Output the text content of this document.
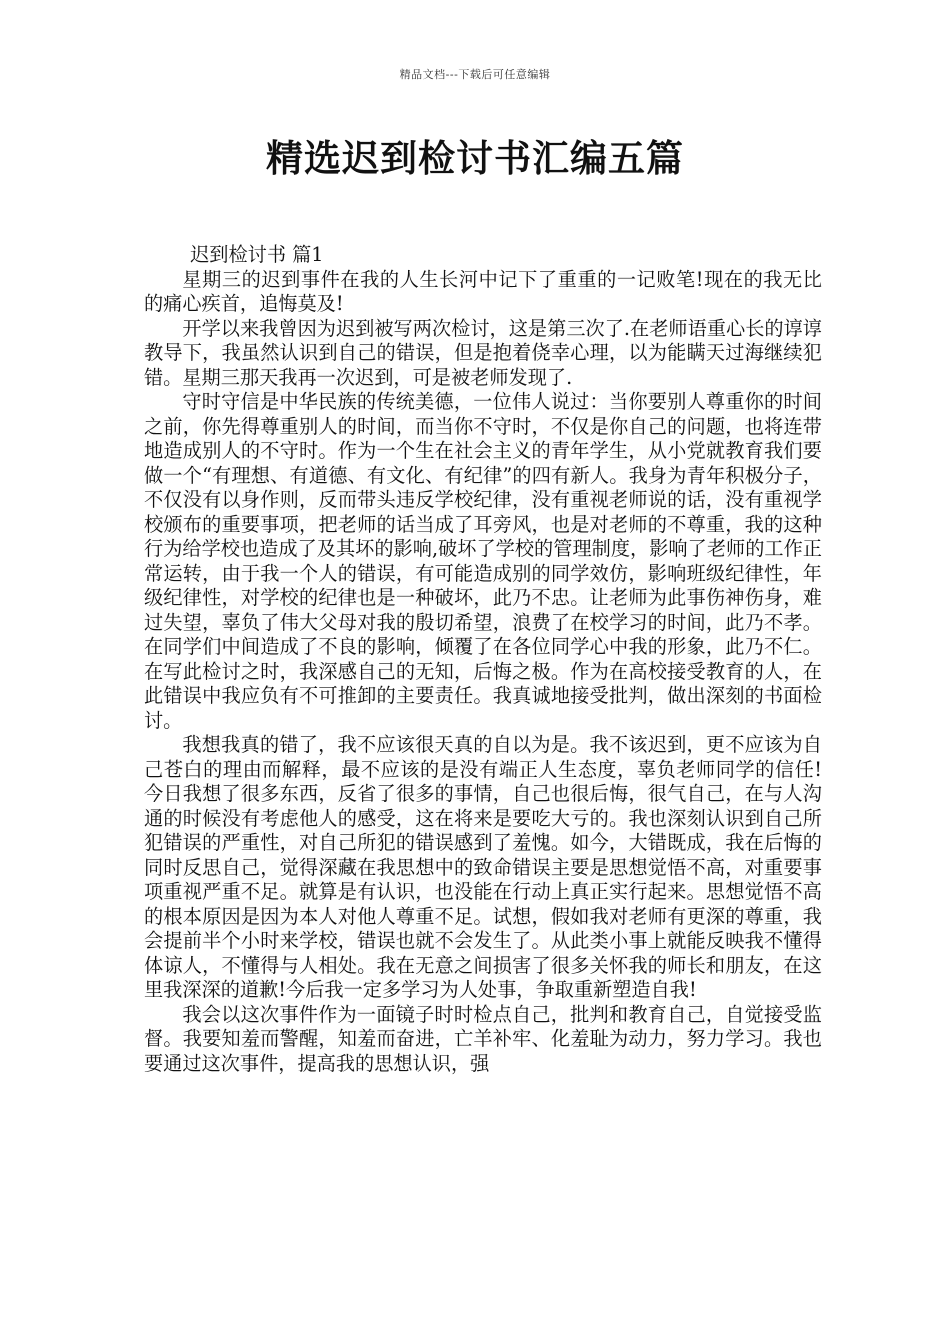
精品文档---下载后可任意编辑
精选迟到检讨书汇编五篇

迟到检讨书 篇1

星期三的迟到事件在我的人生长河中记下了重重的一记败笔!现在的我无比的痛心疾首，追悔莫及!

开学以来我曾因为迟到被写两次检讨，这是第三次了.在老师语重心长的谆谆教导下，我虽然认识到自己的错误，但是抱着侥幸心理，以为能瞒天过海继续犯错。星期三那天我再一次迟到，可是被老师发现了.

守时守信是中华民族的传统美德，一位伟人说过：当你要别人尊重你的时间之前，你先得尊重别人的时间，而当你不守时，不仅是你自己的问题，也将连带地造成别人的不守时。作为一个生在社会主义的青年学生，从小党就教育我们要做一个“有理想、有道德、有文化、有纪律”的四有新人。我身为青年积极分子，不仅没有以身作则，反而带头违反学校纪律，没有重视老师说的话，没有重视学校颁布的重要事项，把老师的话当成了耳旁风，也是对老师的不尊重，我的这种行为给学校也造成了及其坏的影响,破坏了学校的管理制度，影响了老师的工作正常运转，由于我一个人的错误，有可能造成别的同学效仿，影响班级纪律性，年级纪律性，对学校的纪律也是一种破坏，此乃不忠。让老师为此事伤神伤身，难过失望，辜负了伟大父母对我的殷切希望，浪费了在校学习的时间，此乃不孝。在同学们中间造成了不良的影响，倾覆了在各位同学心中我的形象，此乃不仁。在写此检讨之时，我深感自己的无知，后悔之极。作为在高校接受教育的人，在此错误中我应负有不可推卸的主要责任。我真诚地接受批判，做出深刻的书面检讨。

我想我真的错了，我不应该很天真的自以为是。我不该迟到，更不应该为自己苍白的理由而解释，最不应该的是没有端正人生态度，辜负老师同学的信任!今日我想了很多东西，反省了很多的事情，自己也很后悔，很气自己，在与人沟通的时候没有考虑他人的感受，这在将来是要吃大亏的。我也深刻认识到自己所犯错误的严重性，对自己所犯的错误感到了羞愧。如今，大错既成，我在后悔的同时反思自己，觉得深藏在我思想中的致命错误主要是思想觉悟不高，对重要事项重视严重不足。就算是有认识，也没能在行动上真正实行起来。思想觉悟不高的根本原因是因为本人对他人尊重不足。试想，假如我对老师有更深的尊重，我会提前半个小时来学校，错误也就不会发生了。从此类小事上就能反映我不懂得体谅人，不懂得与人相处。我在无意之间损害了很多关怀我的师长和朋友，在这里我深深的道歉!今后我一定多学习为人处事，争取重新塑造自我!

我会以这次事件作为一面镜子时时检点自己，批判和教育自己，自觉接受监督。我要知羞而警醒，知羞而奋进，亡羊补牢、化羞耻为动力，努力学习。我也要通过这次事件，提高我的思想认识，强
